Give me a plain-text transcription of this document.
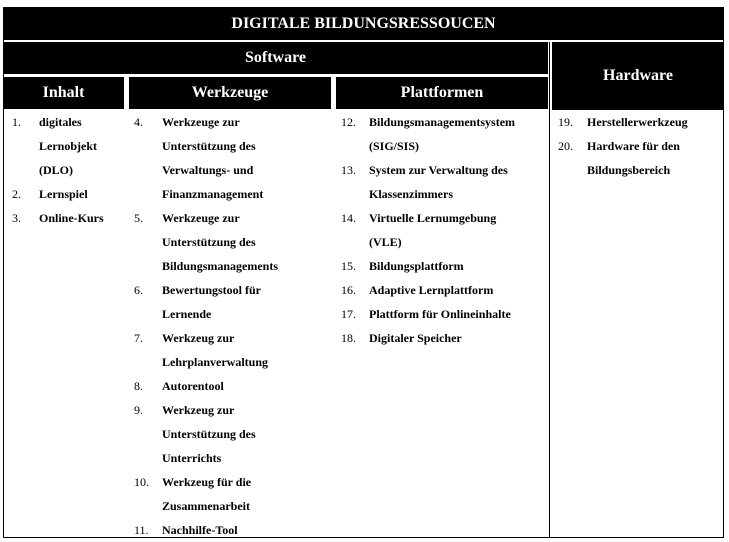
DIGITALE BILDUNGSRESSOUCEN
Software
Hardware
Inhalt	Werkzeuge	Plattformen
1. digitales
Lernobjekt
(DLO)
2. Lernspiel
3. Online-Kurs
4. Werkzeuge zur
Unterstützung des
Verwaltungs- und
Finanzmanagement
5. Werkzeuge zur
Unterstützung des
Bildungsmanagements
6. Bewertungstool für
Lernende
7. Werkzeug zur
Lehrplanverwaltung
8. Autorentool
9. Werkzeug zur
Unterstützung des
Unterrichts
10. Werkzeug für die
Zusammenarbeit
11. Nachhilfe-Tool
12. Bildungsmanagementsystem
(SIG/SIS)
13. System zur Verwaltung des
Klassenzimmers
14. Virtuelle Lernumgebung
(VLE)
15. Bildungsplattform
16. Adaptive Lernplattform
17. Plattform für Onlineinhalte
18. Digitaler Speicher
19. Herstellerwerkzeug
20. Hardware für den
Bildungsbereich
